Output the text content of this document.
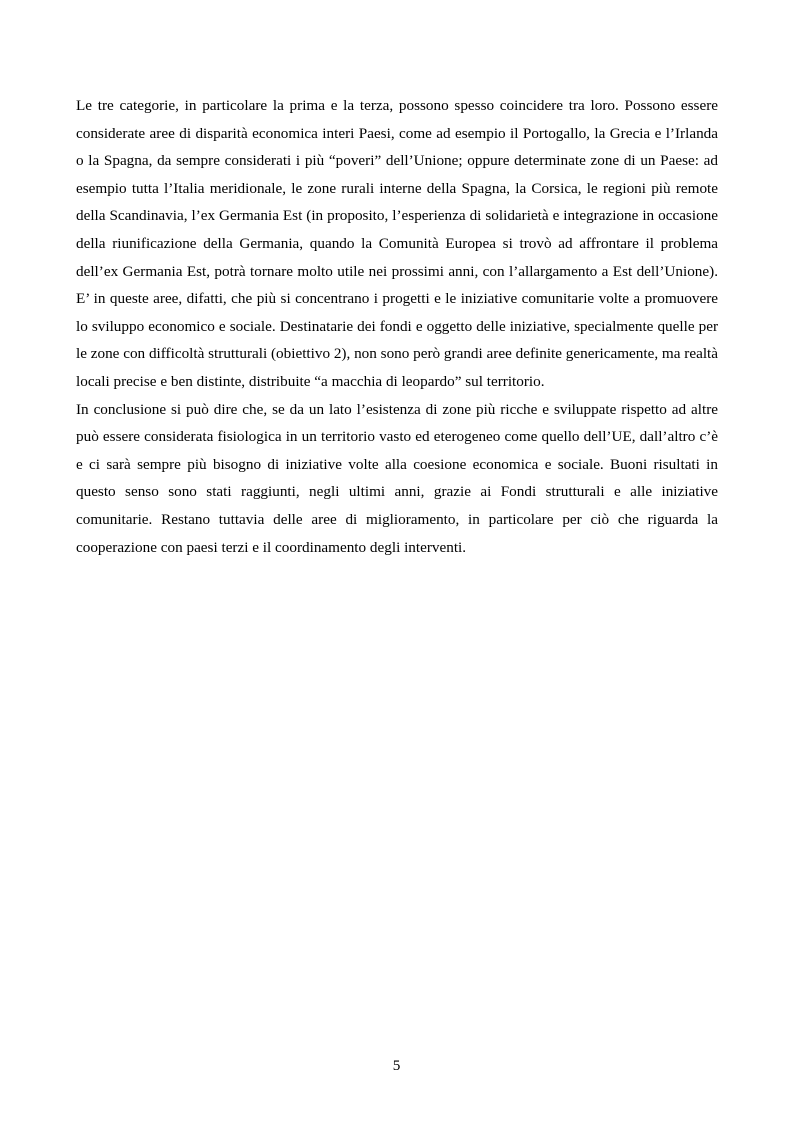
Le tre categorie, in particolare la prima e la terza, possono spesso coincidere tra loro. Possono essere considerate aree di disparità economica interi Paesi, come ad esempio il Portogallo, la Grecia e l’Irlanda o la Spagna, da sempre considerati i più “poveri” dell’Unione; oppure determinate zone di un Paese: ad esempio tutta l’Italia meridionale, le zone rurali interne della Spagna, la Corsica, le regioni più remote della Scandinavia, l’ex Germania Est (in proposito, l’esperienza di solidarietà e integrazione in occasione della riunificazione della Germania, quando la Comunità Europea si trovò ad affrontare il problema dell’ex Germania Est, potrà tornare molto utile nei prossimi anni, con l’allargamento a Est dell’Unione). E’ in queste aree, difatti, che più si concentrano i progetti e le iniziative comunitarie volte a promuovere lo sviluppo economico e sociale. Destinatarie dei fondi e oggetto delle iniziative, specialmente quelle per le zone con difficoltà strutturali (obiettivo 2), non sono però grandi aree definite genericamente, ma realtà locali precise e ben distinte, distribuite “a macchia di leopardo” sul territorio.

In conclusione si può dire che, se da un lato l’esistenza di zone più ricche e sviluppate rispetto ad altre può essere considerata fisiologica in un territorio vasto ed eterogeneo come quello dell’UE, dall’altro c’è e ci sarà sempre più bisogno di iniziative volte alla coesione economica e sociale. Buoni risultati in questo senso sono stati raggiunti, negli ultimi anni, grazie ai Fondi strutturali e alle iniziative comunitarie. Restano tuttavia delle aree di miglioramento, in particolare per ciò che riguarda la cooperazione con paesi terzi e il coordinamento degli interventi.

5
